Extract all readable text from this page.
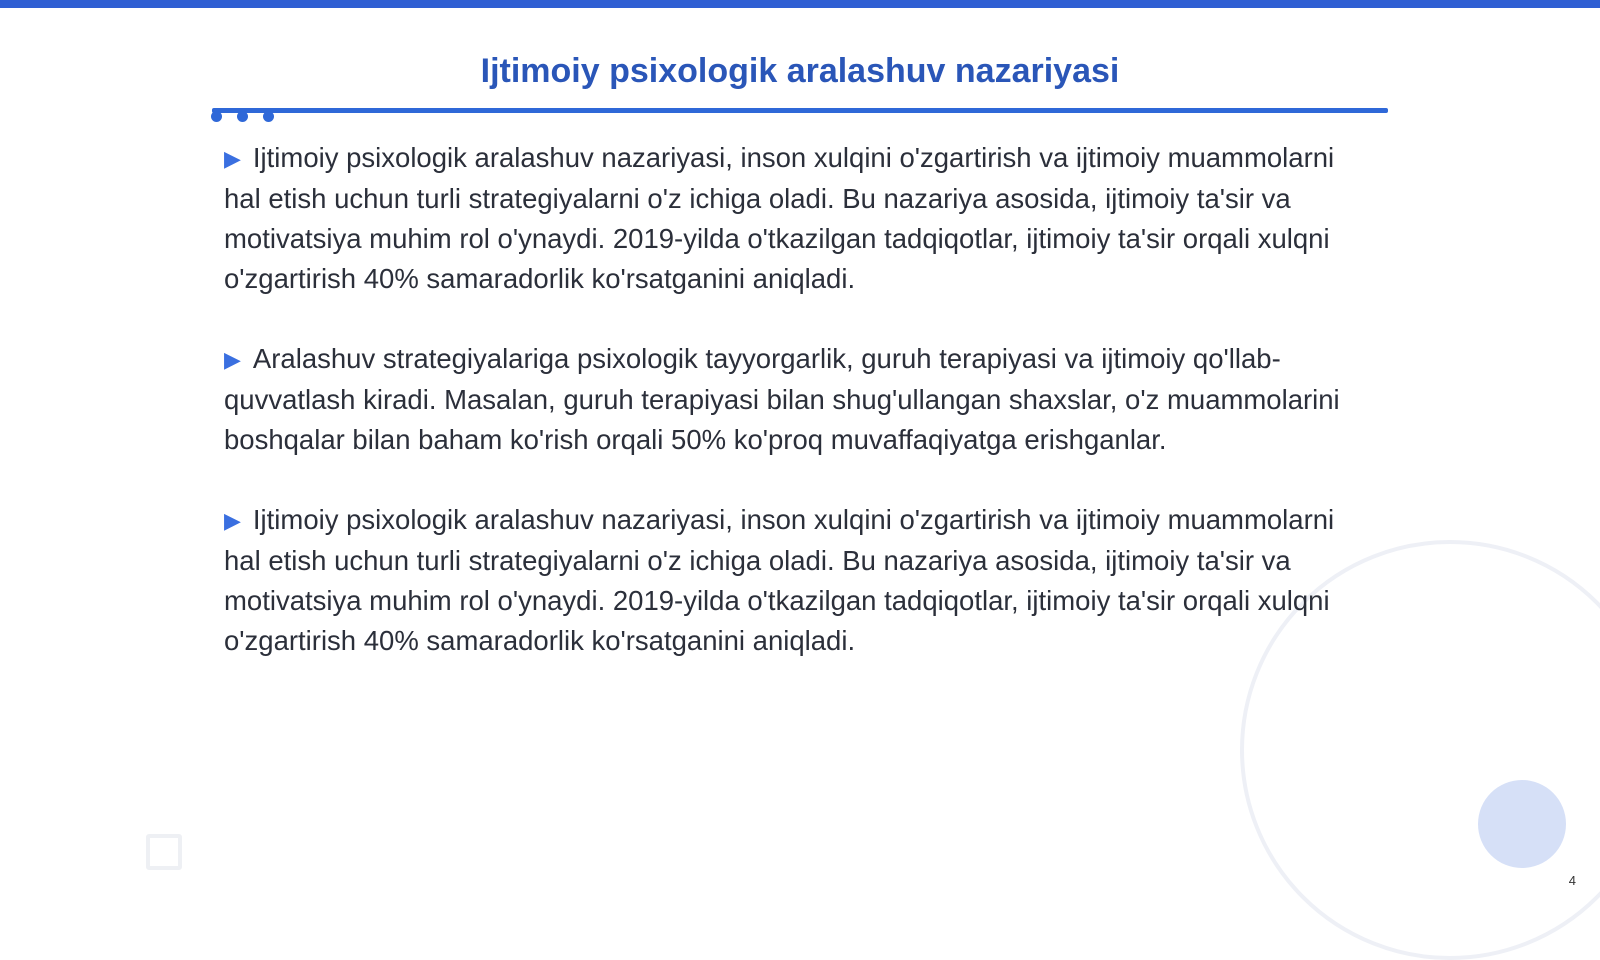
Ijtimoiy psixologik aralashuv nazariyasi

▶ Ijtimoiy psixologik aralashuv nazariyasi, inson xulqini o'zgartirish va ijtimoiy muammolarni hal etish uchun turli strategiyalarni o'z ichiga oladi. Bu nazariya asosida, ijtimoiy ta'sir va motivatsiya muhim rol o'ynaydi. 2019-yilda o'tkazilgan tadqiqotlar, ijtimoiy ta'sir orqali xulqni o'zgartirish 40% samaradorlik ko'rsatganini aniqladi.

▶ Aralashuv strategiyalariga psixologik tayyorgarlik, guruh terapiyasi va ijtimoiy qo'llab-quvvatlash kiradi. Masalan, guruh terapiyasi bilan shug'ullangan shaxslar, o'z muammolarini boshqalar bilan baham ko'rish orqali 50% ko'proq muvaffaqiyatga erishganlar.

▶ Ijtimoiy psixologik aralashuv nazariyasi, inson xulqini o'zgartirish va ijtimoiy muammolarni hal etish uchun turli strategiyalarni o'z ichiga oladi. Bu nazariya asosida, ijtimoiy ta'sir va motivatsiya muhim rol o'ynaydi. 2019-yilda o'tkazilgan tadqiqotlar, ijtimoiy ta'sir orqali xulqni o'zgartirish 40% samaradorlik ko'rsatganini aniqladi.

4
